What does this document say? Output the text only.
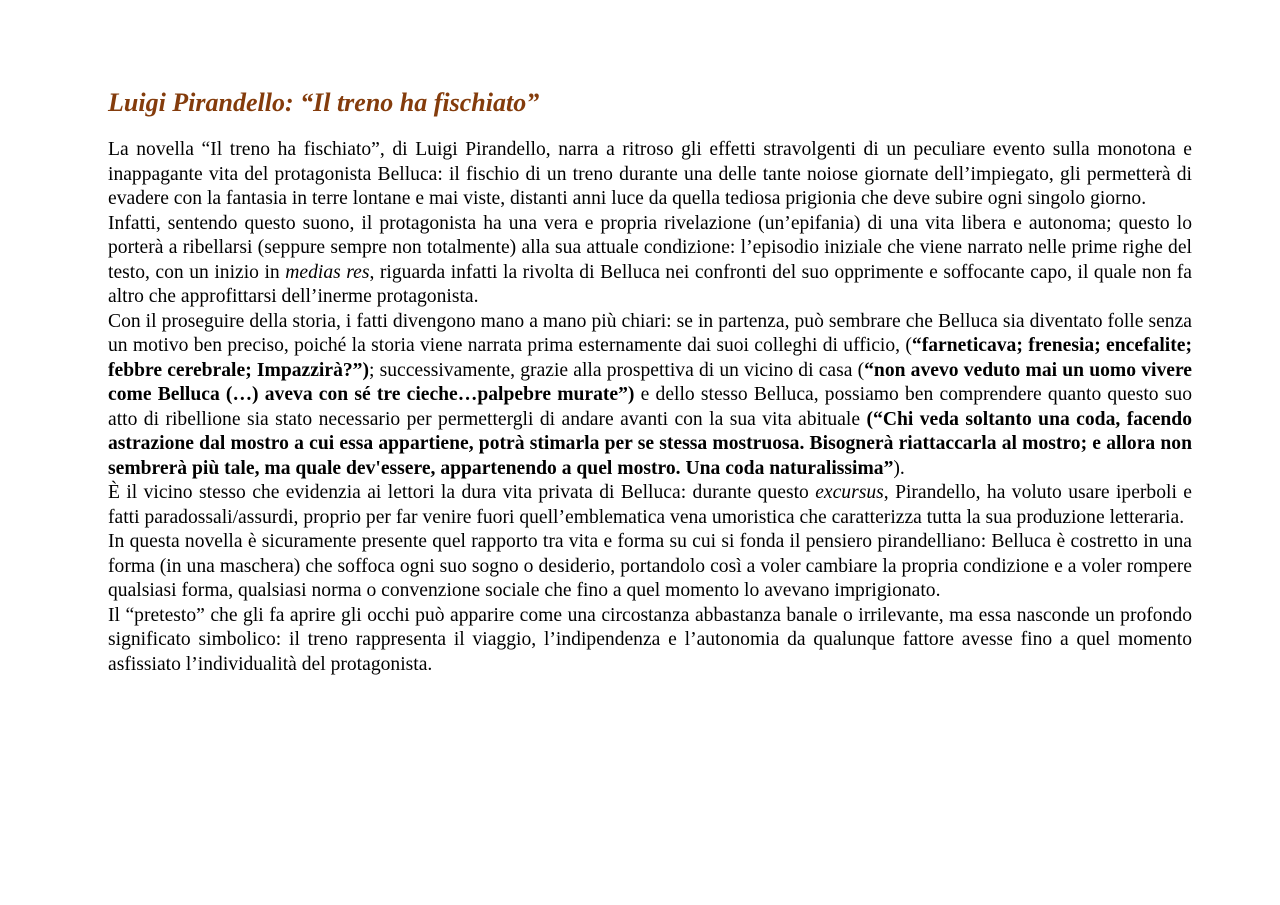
Luigi Pirandello: “Il treno ha fischiato”

La novella “Il treno ha fischiato”, di Luigi Pirandello, narra a ritroso gli effetti stravolgenti di un peculiare evento sulla monotona e inappagante vita del protagonista Belluca: il fischio di un treno durante una delle tante noiose giornate dell’impiegato, gli permetterà di evadere con la fantasia in terre lontane e mai viste, distanti anni luce da quella tediosa prigionia che deve subire ogni singolo giorno.

Infatti, sentendo questo suono, il protagonista ha una vera e propria rivelazione (un’epifania) di una vita libera e autonoma; questo lo porterà a ribellarsi (seppure sempre non totalmente) alla sua attuale condizione: l’episodio iniziale che viene narrato nelle prime righe del testo, con un inizio in medias res, riguarda infatti la rivolta di Belluca nei confronti del suo opprimente e soffocante capo, il quale non fa altro che approfittarsi dell’inerme protagonista.

Con il proseguire della storia, i fatti divengono mano a mano più chiari: se in partenza, può sembrare che Belluca sia diventato folle senza un motivo ben preciso, poiché la storia viene narrata prima esternamente dai suoi colleghi di ufficio, (“farneticava; frenesia; encefalite; febbre cerebrale; Impazzirà?”); successivamente, grazie alla prospettiva di un vicino di casa (“non avevo veduto mai un uomo vivere come Belluca (…) aveva con sé tre cieche…palpebre murate”) e dello stesso Belluca, possiamo ben comprendere quanto questo suo atto di ribellione sia stato necessario per permettergli di andare avanti con la sua vita abituale (“Chi veda soltanto una coda, facendo astrazione dal mostro a cui essa appartiene, potrà stimarla per se stessa mostruosa. Bisognerà riattaccarla al mostro; e allora non sembrerà più tale, ma quale dev'essere, appartenendo a quel mostro. Una coda naturalissima”).

È il vicino stesso che evidenzia ai lettori la dura vita privata di Belluca: durante questo excursus, Pirandello, ha voluto usare iperboli e fatti paradossali/assurdi, proprio per far venire fuori quell’emblematica vena umoristica che caratterizza tutta la sua produzione letteraria.

In questa novella è sicuramente presente quel rapporto tra vita e forma su cui si fonda il pensiero pirandelliano: Belluca è costretto in una forma (in una maschera) che soffoca ogni suo sogno o desiderio, portandolo così a voler cambiare la propria condizione e a voler rompere qualsiasi forma, qualsiasi norma o convenzione sociale che fino a quel momento lo avevano imprigionato.

Il “pretesto” che gli fa aprire gli occhi può apparire come una circostanza abbastanza banale o irrilevante, ma essa nasconde un profondo significato simbolico: il treno rappresenta il viaggio, l’indipendenza e l’autonomia da qualunque fattore avesse fino a quel momento asfissiato l’individualità del protagonista.
